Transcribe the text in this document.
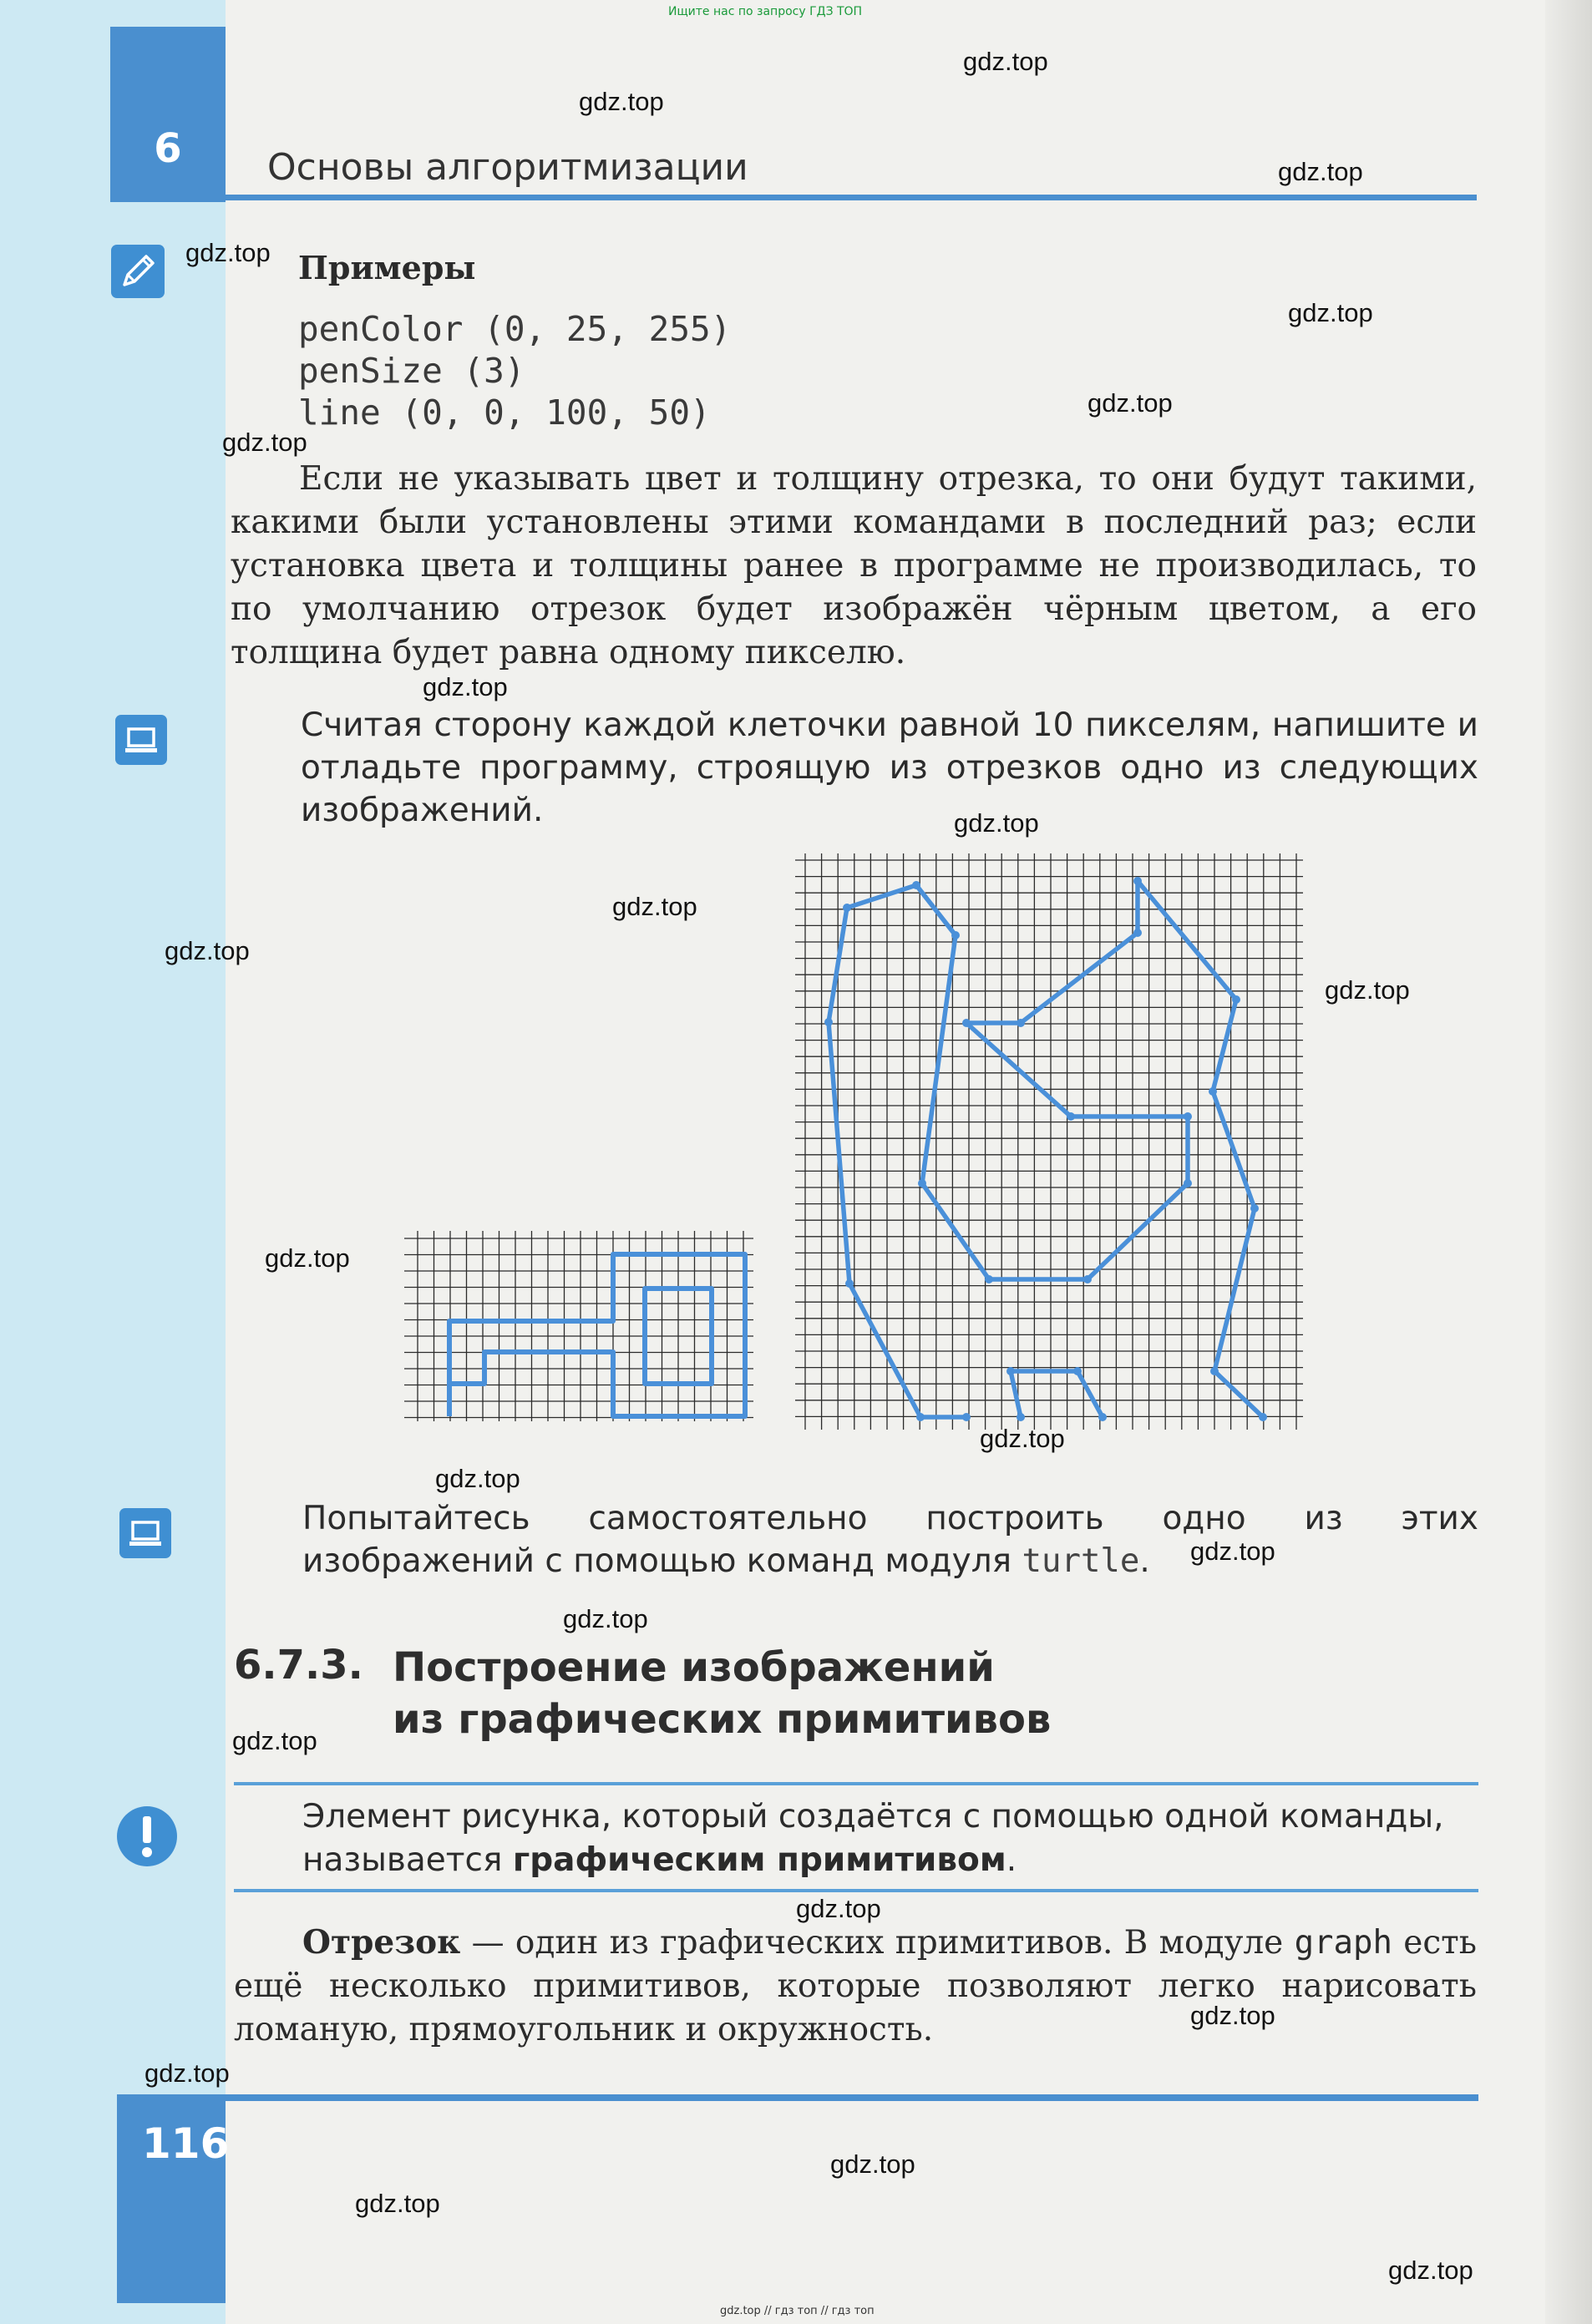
Ищите нас по запросу ГДЗ ТОП
6	Основы алгоритмизации
Примеры
penColor (0, 25, 255)
penSize (3)
line (0, 0, 100, 50)
Если не указывать цвет и толщину отрезка, то они будут такими, какими были установлены этими командами в последний раз; если установка цвета и толщины ранее в программе не производилась, то по умолчанию отрезок будет изображён чёрным цветом, а его толщина будет равна одному пикселю.
Считая сторону каждой клеточки равной 10 пикселям, напишите и отладьте программу, строящую из отрезков одно из следующих изображений.
Попытайтесь самостоятельно построить одно из этих изображений с помощью команд модуля turtle.
6.7.3. Построение изображений
из графических примитивов
Элемент рисунка, который создаётся с помощью одной команды, называется графическим примитивом.
Отрезок — один из графических примитивов. В модуле graph есть ещё несколько примитивов, которые позволяют легко нарисовать ломаную, прямоугольник и окружность.
116
gdz.top // гдз топ // гдз топ
gdz.top
gdz.top
gdz.top
gdz.top
gdz.top
gdz.top
gdz.top
gdz.top
gdz.top
gdz.top
gdz.top
gdz.top
gdz.top
gdz.top
gdz.top
gdz.top
gdz.top
gdz.top
gdz.top
gdz.top
gdz.top
gdz.top
gdz.top
gdz.top
